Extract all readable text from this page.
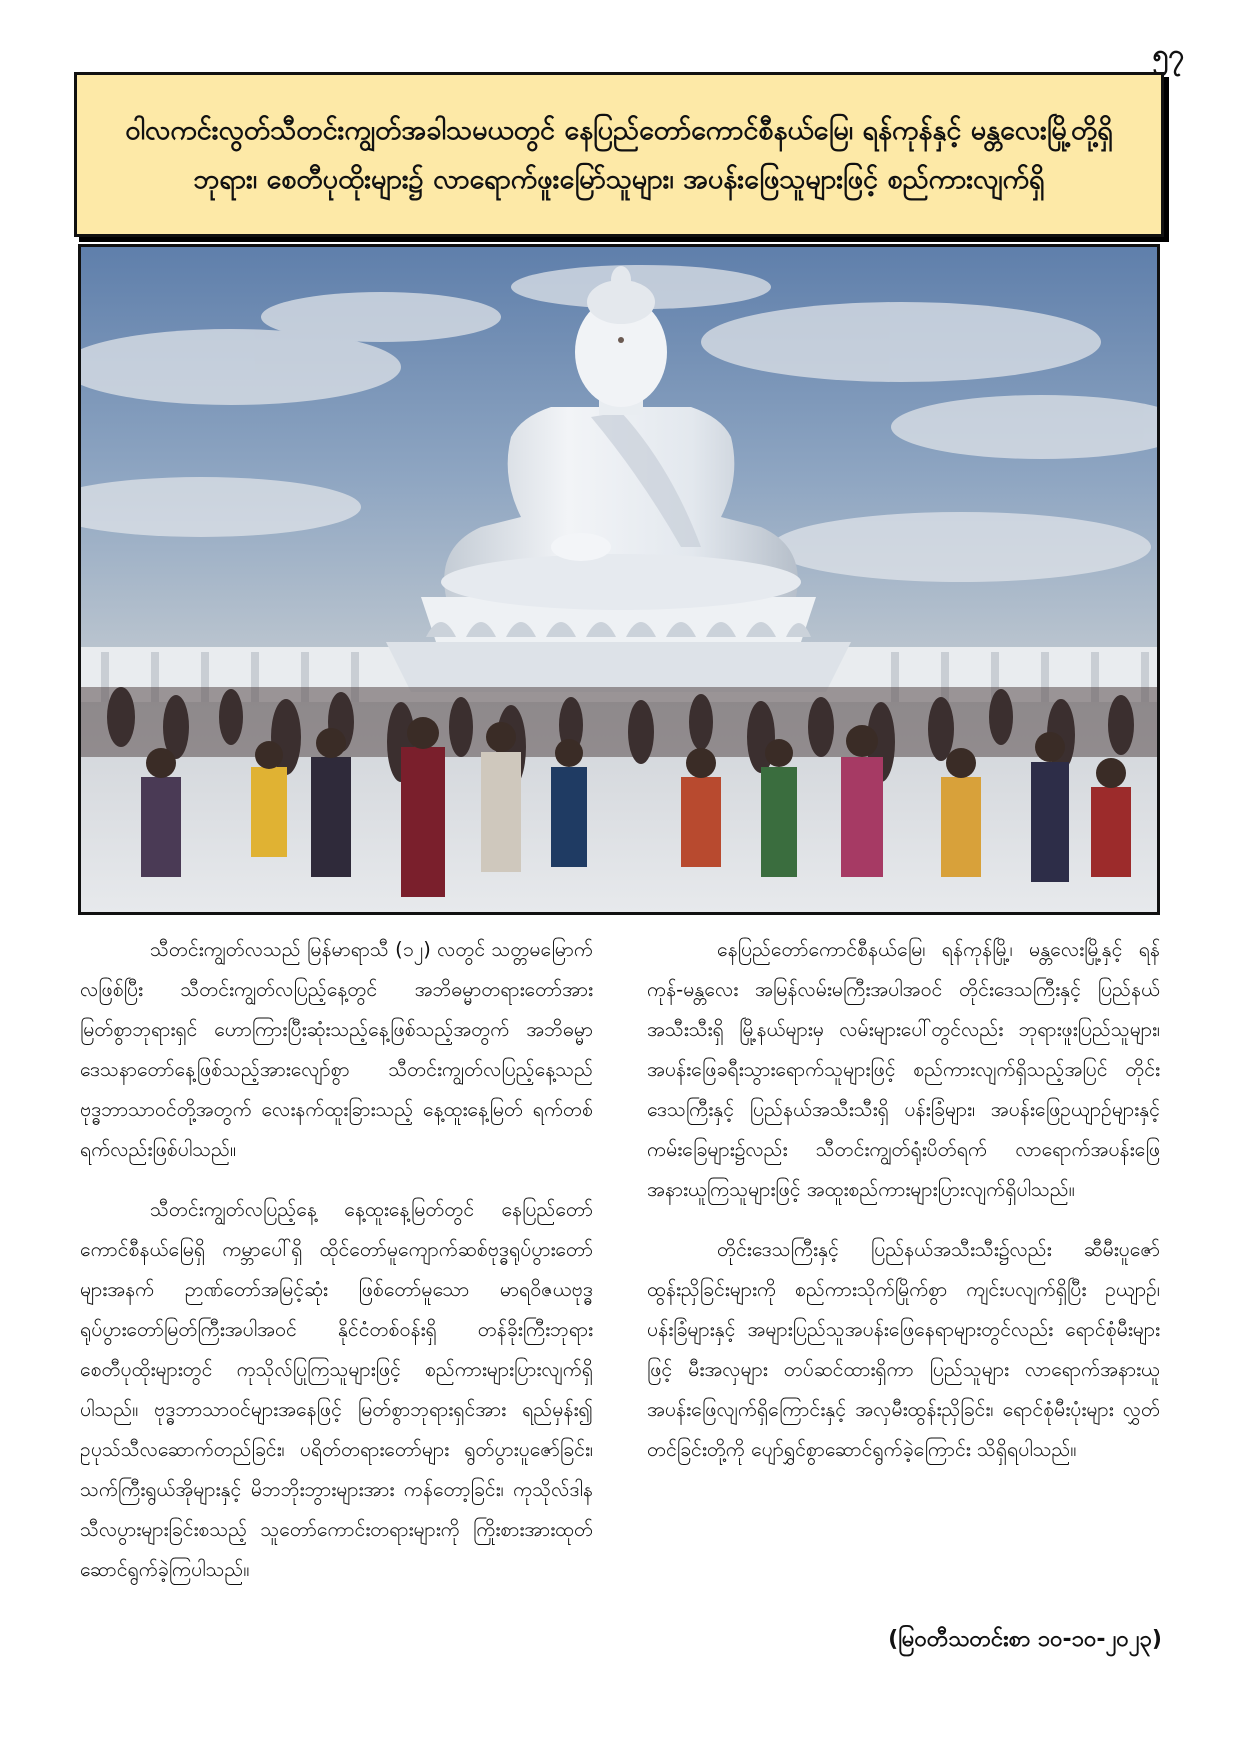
၅၇
ဝါလကင်းလွတ်သီတင်းကျွတ်အခါသမယတွင် နေပြည်တော်ကောင်စီနယ်မြေ၊ ရန်ကုန်နှင့် မန္တလေးမြို့တို့ရှိ ဘုရား၊ စေတီပုထိုးများ၌ လာရောက်ဖူးမြော်သူများ၊ အပန်းဖြေသူများဖြင့် စည်ကားလျက်ရှိ

သီတင်းကျွတ်လသည် မြန်မာရာသီ (၁၂) လတွင် သတ္တမမြောက်လဖြစ်ပြီး သီတင်းကျွတ်လပြည့်နေ့တွင် အဘိဓမ္မာတရားတော်အား မြတ်စွာဘုရားရှင် ဟောကြားပြီးဆုံးသည့်နေ့ဖြစ်သည့်အတွက် အဘိဓမ္မာဒေသနာတော်နေ့ဖြစ်သည့်အားလျော်စွာ သီတင်းကျွတ်လပြည့်နေ့သည် ဗုဒ္ဓဘာသာဝင်တို့အတွက် လေးနက်ထူးခြားသည့် နေ့ထူးနေ့မြတ် ရက်တစ်ရက်လည်းဖြစ်ပါသည်။

သီတင်းကျွတ်လပြည့်နေ့ နေ့ထူးနေ့မြတ်တွင် နေပြည်တော်ကောင်စီနယ်မြေရှိ ကမ္ဘာပေါ်ရှိ ထိုင်တော်မူကျောက်ဆစ်ဗုဒ္ဓရုပ်ပွားတော်များအနက် ဉာဏ်တော်အမြင့်ဆုံး ဖြစ်တော်မူသော မာရဝိဇယဗုဒ္ဓရုပ်ပွားတော်မြတ်ကြီးအပါအဝင် နိုင်ငံတစ်ဝန်းရှိ တန်ခိုးကြီးဘုရားစေတီပုထိုးများတွင် ကုသိုလ်ပြုကြသူများဖြင့် စည်ကားများပြားလျက်ရှိပါသည်။ ဗုဒ္ဓဘာသာဝင်များအနေဖြင့် မြတ်စွာဘုရားရှင်အား ရည်မှန်း၍ ဥပုသ်သီလဆောက်တည်ခြင်း၊ ပရိတ်တရားတော်များ ရွတ်ပွားပူဇော်ခြင်း၊ သက်ကြီးရွယ်အိုများနှင့် မိဘဘိုးဘွားများအား ကန်တော့ခြင်း၊ ကုသိုလ်ဒါနသီလပွားများခြင်းစသည့် သူတော်ကောင်းတရားများကို ကြိုးစားအားထုတ်ဆောင်ရွက်ခဲ့ကြပါသည်။

နေပြည်တော်ကောင်စီနယ်မြေ၊ ရန်ကုန်မြို့၊ မန္တလေးမြို့နှင့် ရန်ကုန်-မန္တလေး အမြန်လမ်းမကြီးအပါအဝင် တိုင်းဒေသကြီးနှင့် ပြည်နယ်အသီးသီးရှိ မြို့နယ်များမှ လမ်းများပေါ်တွင်လည်း ဘုရားဖူးပြည်သူများ၊ အပန်းဖြေခရီးသွားရောက်သူများဖြင့် စည်ကားလျက်ရှိသည့်အပြင် တိုင်းဒေသကြီးနှင့် ပြည်နယ်အသီးသီးရှိ ပန်းခြံများ၊ အပန်းဖြေဥယျာဉ်များနှင့် ကမ်းခြေများ၌လည်း သီတင်းကျွတ်ရုံးပိတ်ရက် လာရောက်အပန်းဖြေအနားယူကြသူများဖြင့် အထူးစည်ကားများပြားလျက်ရှိပါသည်။

တိုင်းဒေသကြီးနှင့် ပြည်နယ်အသီးသီး၌လည်း ဆီမီးပူဇော်ထွန်းညှိခြင်းများကို စည်ကားသိုက်မြိုက်စွာ ကျင်းပလျက်ရှိပြီး ဥယျာဉ်၊ ပန်းခြံများနှင့် အများပြည်သူအပန်းဖြေနေရာများတွင်လည်း ရောင်စုံမီးများဖြင့် မီးအလှများ တပ်ဆင်ထားရှိကာ ပြည်သူများ လာရောက်အနားယူအပန်းဖြေလျက်ရှိကြောင်းနှင့် အလှမီးထွန်းညှိခြင်း၊ ရောင်စုံမီးပုံးများ လွှတ်တင်ခြင်းတို့ကို ပျော်ရွှင်စွာဆောင်ရွက်ခဲ့ကြောင်း သိရှိရပါသည်။

(မြဝတီသတင်းစာ ၁၀-၁၀-၂၀၂၃)
